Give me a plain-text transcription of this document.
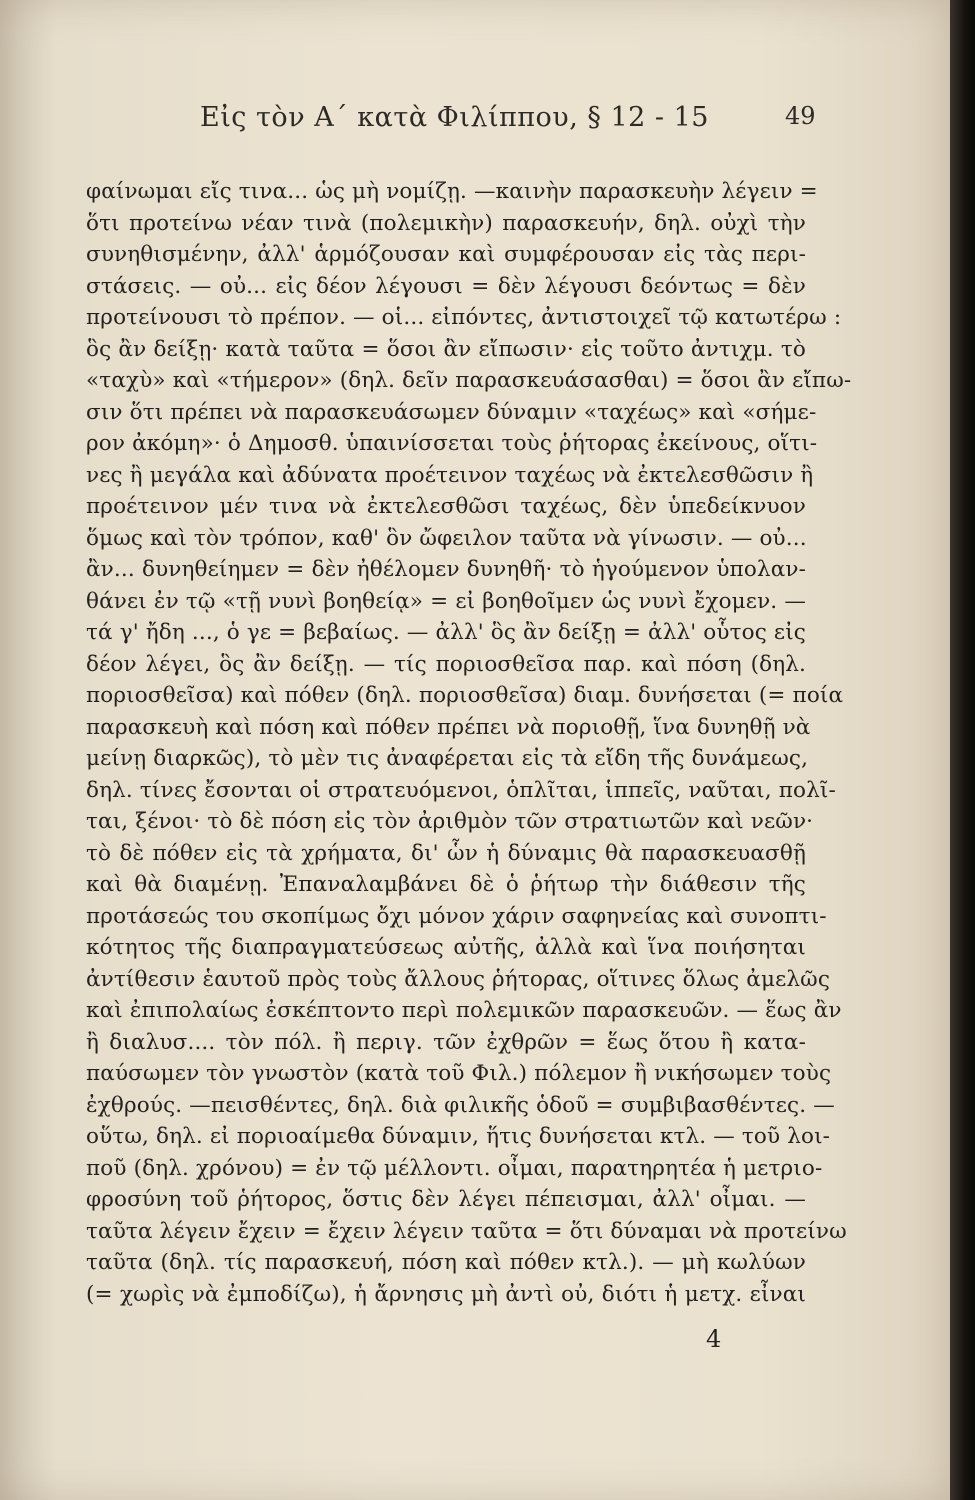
Εἰς τὸν Α΄ κατὰ Φιλίππου, § 12 - 15	49
φαίνωμαι εἴς τινα... ὡς μὴ νομίζῃ. —καινὴν παρασκευὴν λέγειν =
ὅτι προτείνω νέαν τινὰ (πολεμικὴν) παρασκευήν, δηλ. οὐχὶ τὴν
συνηθισμένην, ἀλλ' ἁρμόζουσαν καὶ συμφέρουσαν εἰς τὰς περι-
στάσεις. — οὐ... εἰς δέον λέγουσι = δὲν λέγουσι δεόντως = δὲν
προτείνουσι τὸ πρέπον. — οἱ... εἰπόντες, ἀντιστοιχεῖ τῷ κατωτέρω :
ὃς ἂν δείξῃ· κατὰ ταῦτα = ὅσοι ἂν εἴπωσιν· εἰς τοῦτο ἀντιχμ. τὸ
«ταχὺ» καὶ «τήμερον» (δηλ. δεῖν παρασκευάσασθαι) = ὅσοι ἂν εἴπω-
σιν ὅτι πρέπει νὰ παρασκευάσωμεν δύναμιν «ταχέως» καὶ «σήμε-
ρον ἀκόμη»· ὁ Δημοσθ. ὑπαινίσσεται τοὺς ῥήτορας ἐκείνους, οἵτι-
νες ἢ μεγάλα καὶ ἀδύνατα προέτεινον ταχέως νὰ ἐκτελεσθῶσιν ἢ
προέτεινον μέν τινα νὰ ἐκτελεσθῶσι ταχέως, δὲν ὑπεδείκνυον
ὅμως καὶ τὸν τρόπον, καθ' ὃν ὤφειλον ταῦτα νὰ γίνωσιν. — οὐ...
ἂν... δυνηθείημεν = δὲν ἠθέλομεν δυνηθῆ· τὸ ἡγούμενον ὑπολαν-
θάνει ἐν τῷ «τῇ νυνὶ βοηθείᾳ» = εἰ βοηθοῖμεν ὡς νυνὶ ἔχομεν. —
τά γ' ἤδη ..., ὁ γε = βεβαίως. — ἀλλ' ὃς ἂν δείξῃ = ἀλλ' οὗτος εἰς
δέον λέγει, ὃς ἂν δείξῃ. — τίς ποριοσθεῖσα παρ. καὶ πόση (δηλ.
ποριοσθεῖσα) καὶ πόθεν (δηλ. ποριοσθεῖσα) διαμ. δυνήσεται (= ποία
παρασκευὴ καὶ πόση καὶ πόθεν πρέπει νὰ ποριοθῇ, ἵνα δυνηθῇ νὰ
μείνῃ διαρκῶς), τὸ μὲν τις ἀναφέρεται εἰς τὰ εἴδη τῆς δυνάμεως,
δηλ. τίνες ἔσονται οἱ στρατευόμενοι, ὁπλῖται, ἱππεῖς, ναῦται, πολῖ-
ται, ξένοι· τὸ δὲ πόση εἰς τὸν ἀριθμὸν τῶν στρατιωτῶν καὶ νεῶν·
τὸ δὲ πόθεν εἰς τὰ χρήματα, δι' ὧν ἡ δύναμις θὰ παρασκευασθῇ
καὶ θὰ διαμένῃ. Ἐπαναλαμβάνει δὲ ὁ ῥήτωρ τὴν διάθεσιν τῆς
προτάσεώς του σκοπίμως ὄχι μόνον χάριν σαφηνείας καὶ συνοπτι-
κότητος τῆς διαπραγματεύσεως αὐτῆς, ἀλλὰ καὶ ἵνα ποιήσηται
ἀντίθεσιν ἑαυτοῦ πρὸς τοὺς ἄλλους ῥήτορας, οἵτινες ὅλως ἀμελῶς
καὶ ἐπιπολαίως ἐσκέπτοντο περὶ πολεμικῶν παρασκευῶν. — ἕως ἂν
ἢ διαλυσ.... τὸν πόλ. ἢ περιγ. τῶν ἐχθρῶν = ἕως ὅτου ἢ κατα-
παύσωμεν τὸν γνωστὸν (κατὰ τοῦ Φιλ.) πόλεμον ἢ νικήσωμεν τοὺς
ἐχθρούς. —πεισθέντες, δηλ. διὰ φιλικῆς ὁδοῦ = συμβιβασθέντες. —
οὕτω, δηλ. εἰ ποριοαίμεθα δύναμιν, ἥτις δυνήσεται κτλ. — τοῦ λοι-
ποῦ (δηλ. χρόνου) = ἐν τῷ μέλλοντι. οἶμαι, παρατηρητέα ἡ μετριο-
φροσύνη τοῦ ῥήτορος, ὅστις δὲν λέγει πέπεισμαι, ἀλλ' οἶμαι. —
ταῦτα λέγειν ἔχειν = ἔχειν λέγειν ταῦτα = ὅτι δύναμαι νὰ προτείνω
ταῦτα (δηλ. τίς παρασκευή, πόση καὶ πόθεν κτλ.). — μὴ κωλύων
(= χωρὶς νὰ ἐμποδίζω), ἡ ἄρνησις μὴ ἀντὶ οὐ, διότι ἡ μετχ. εἶναι
4
